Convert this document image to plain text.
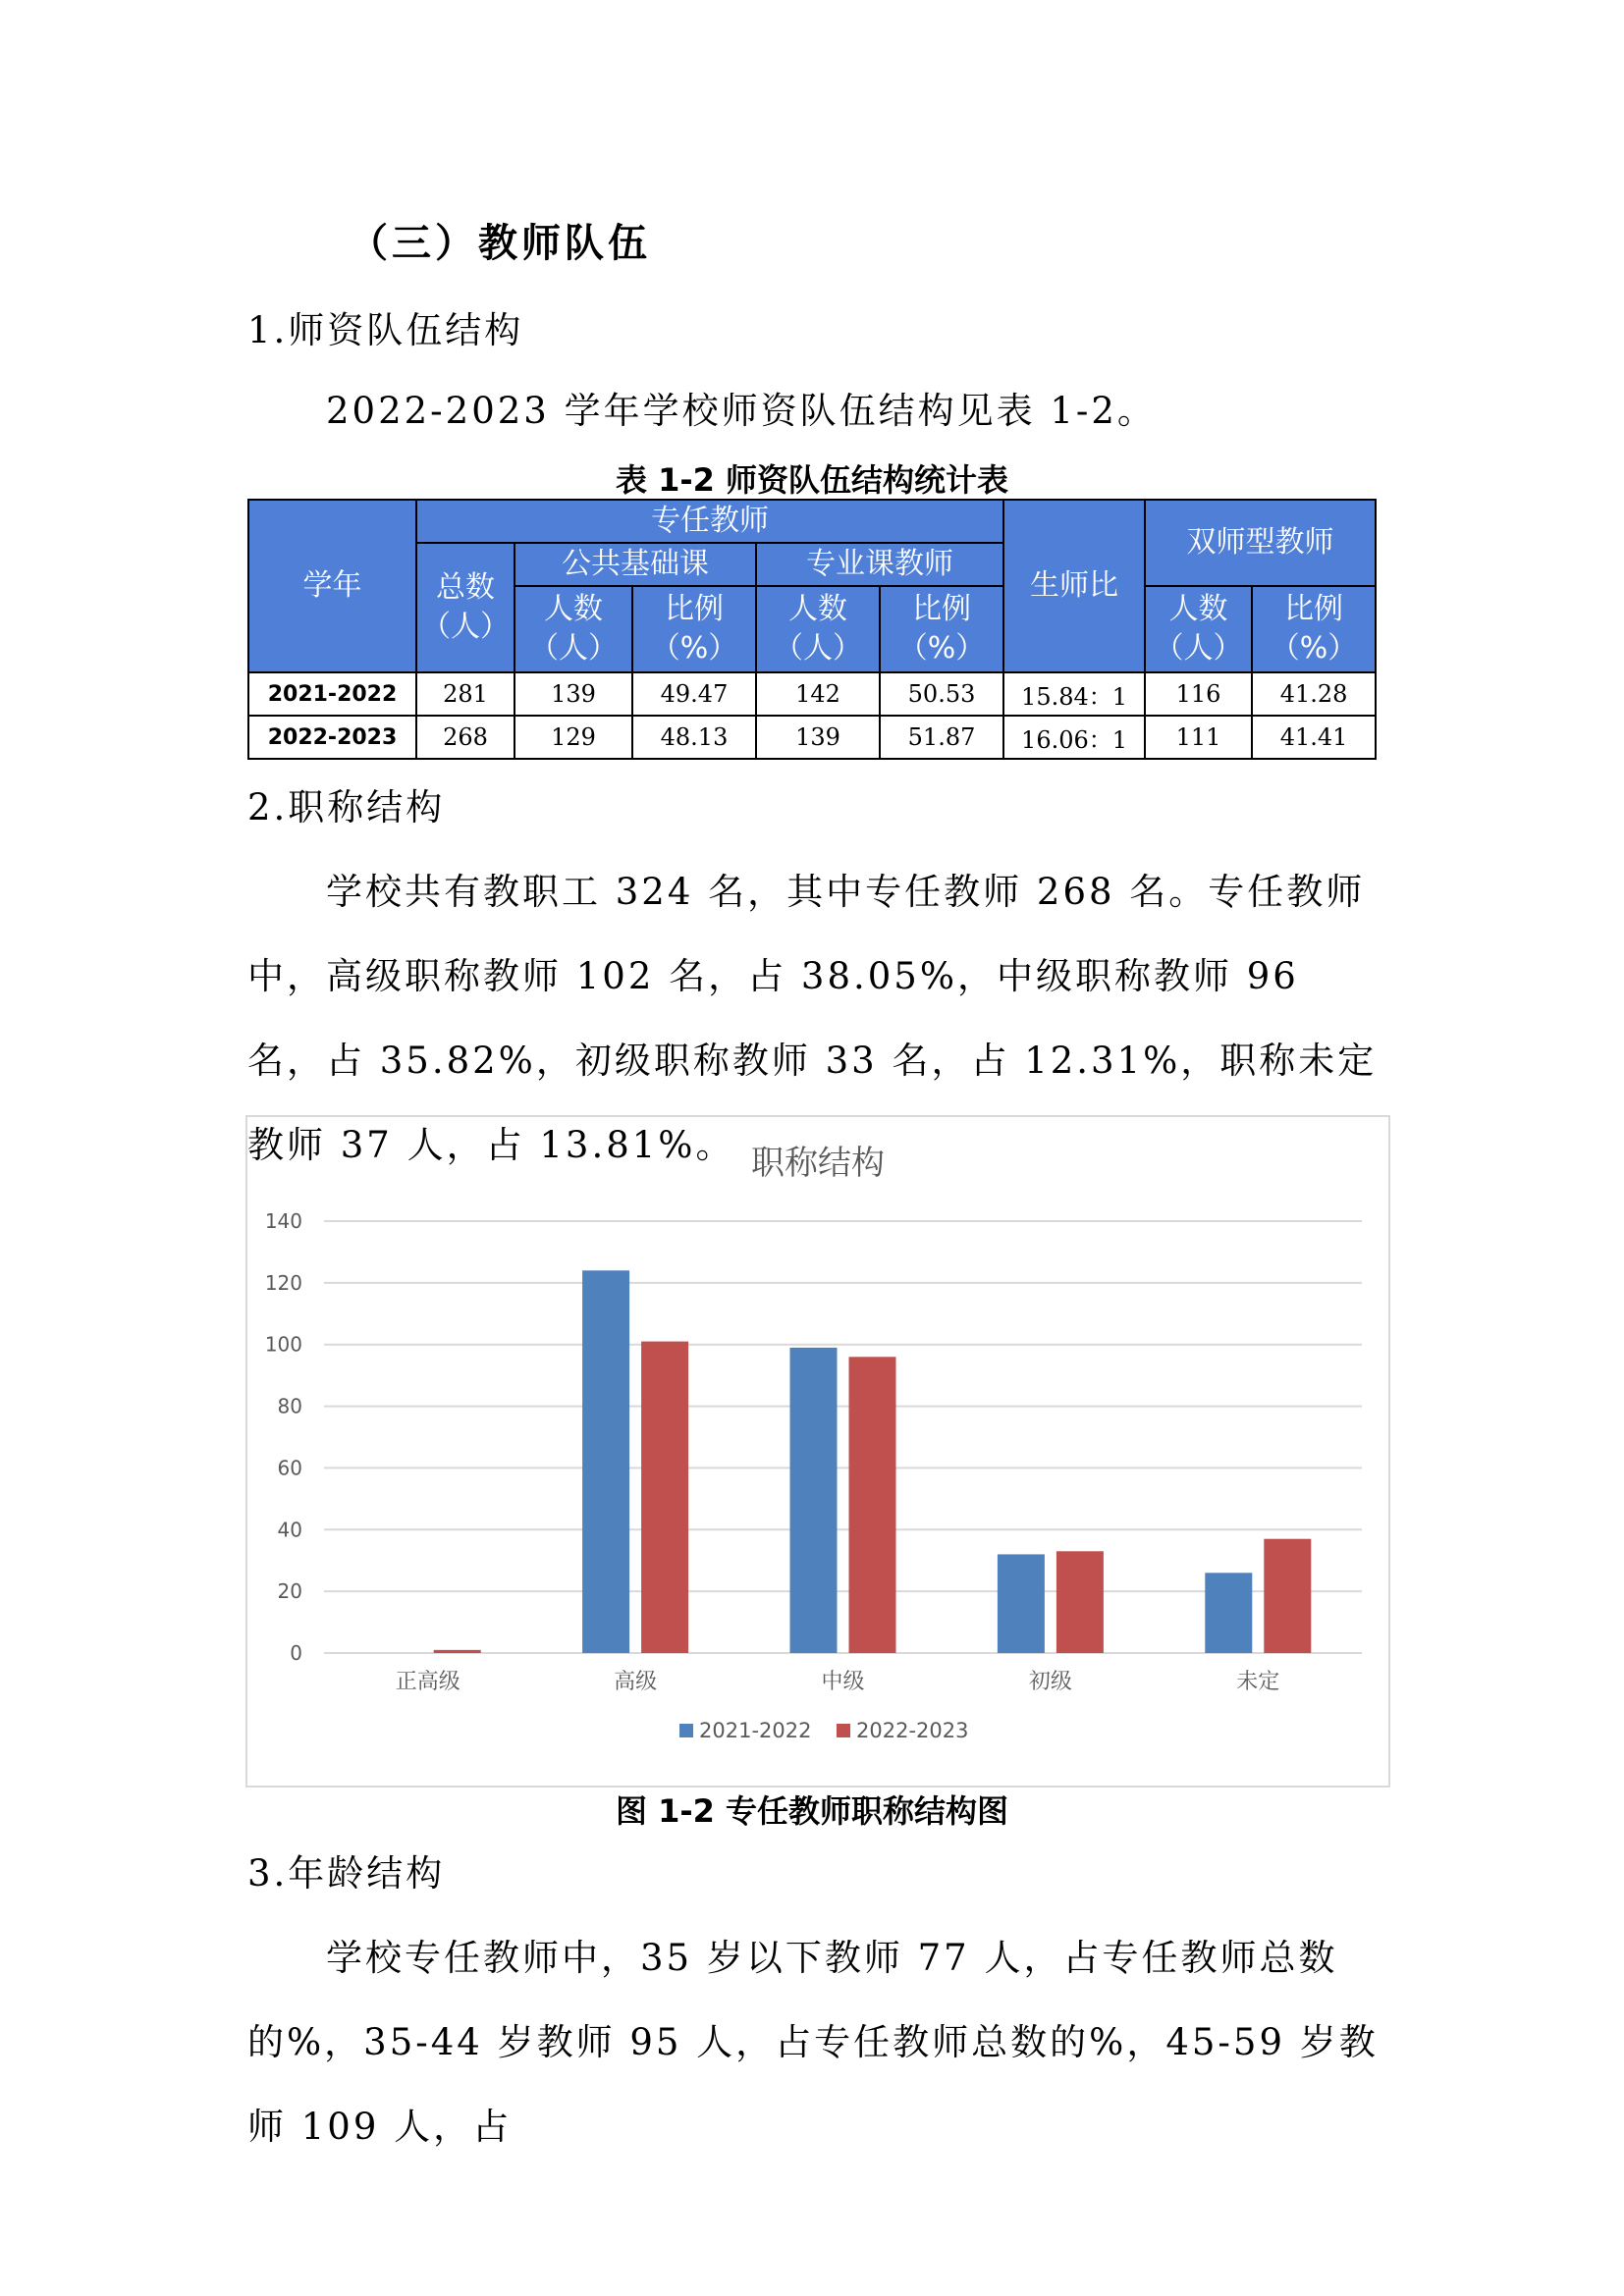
（三）教师队伍
1.师资队伍结构
2022-2023 学年学校师资队伍结构见表 1-2。
表 1-2 师资队伍结构统计表
学年	专任教师					生师比	双师型教师	
	总数（人）	公共基础课		专业课教师				
		人数（人）	比例（%）	人数（人）	比例（%）		人数（人）	比例（%）
2021-2022	281	139	49.47	142	50.53	15.84：1	116	41.28
2022-2023	268	129	48.13	139	51.87	16.06：1	111	41.41
2.职称结构
学校共有教职工 324 名，其中专任教师 268 名。专任教师中，高级职称教师 102 名，占 38.05%，中级职称教师 96 名，占 35.82%，初级职称教师 33 名，占 12.31%，职称未定教师 37 人，占 13.81%。 职称结构
0
20
40
60
80
100
120
140
正高级	高级	中级	初级	未定
2021-2022 2022-2023
图 1-2 专任教师职称结构图
3.年龄结构
学校专任教师中，35 岁以下教师 77 人，占专任教师总数的%，35-44 岁教师 95 人，占专任教师总数的%，45-59 岁教师 109 人，占
